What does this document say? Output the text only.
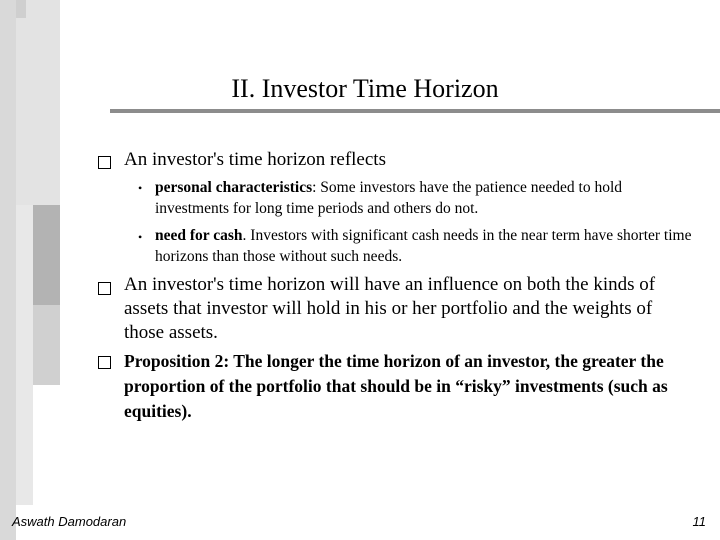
II. Investor Time Horizon
An investor's time horizon reflects
• personal characteristics: Some investors have the patience needed to hold investments for long time periods and others do not.
• need for cash. Investors with significant cash needs in the near term have shorter time horizons than those without such needs.
An investor's time horizon will have an influence on both the kinds of assets that investor will hold in his or her portfolio and the weights of those assets.
Proposition 2: The longer the time horizon of an investor, the greater the proportion of the portfolio that should be in “risky” investments (such as equities).
Aswath Damodaran	11
